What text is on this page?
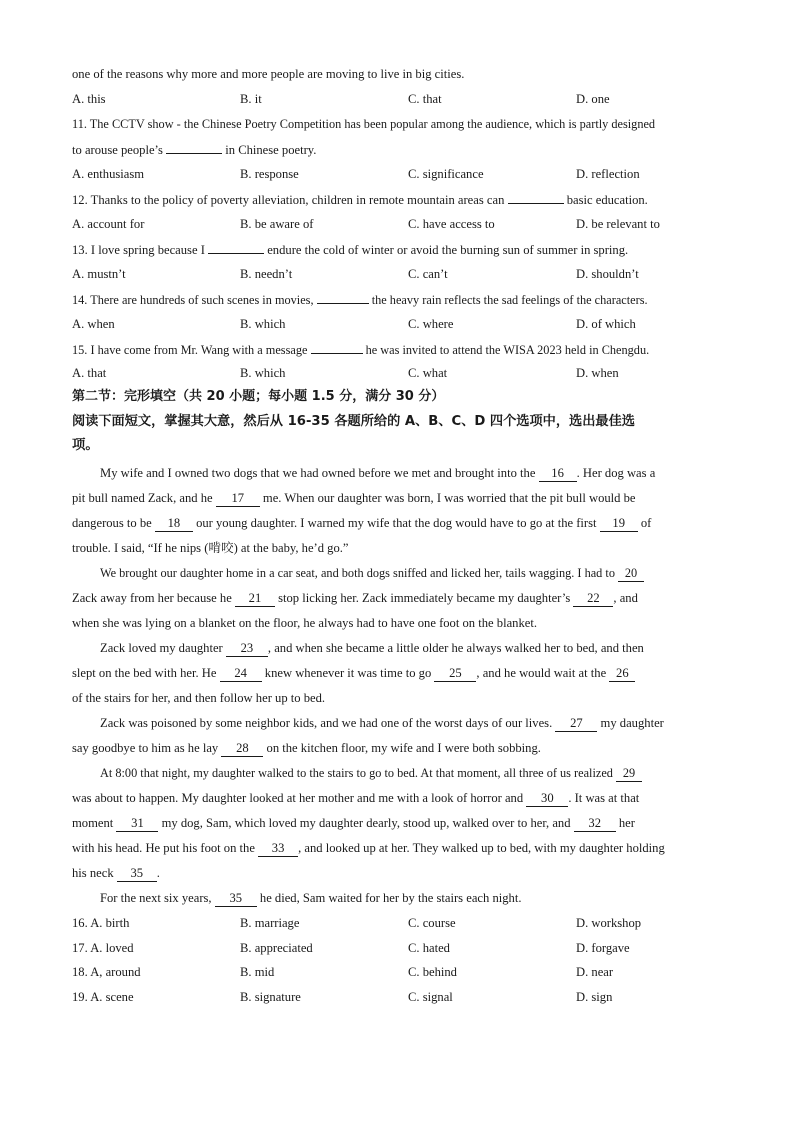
one of the reasons why more and more people are moving to live in big cities.
A. this	B. it	C. that	D. one
11. The CCTV show - the Chinese Poetry Competition has been popular among the audience, which is partly designed
to arouse people’s	in Chinese poetry.
A. enthusiasm	B. response	C. significance	D. reflection
12. Thanks to the policy of poverty alleviation, children in remote mountain areas can	basic education.
A. account for	B. be aware of	C. have access to	D. be relevant to
13. I love spring because I	endure the cold of winter or avoid the burning sun of summer in spring.
A. mustn’t	B. needn’t	C. can’t	D. shouldn’t
14. There are hundreds of such scenes in movies,	the heavy rain reflects the sad feelings of the characters.
A. when	B. which	C. where	D. of which
15. I have come from Mr. Wang with a message	he was invited to attend the WISA 2023 held in Chengdu.
A. that	B. which	C. what	D. when
第二节：完形填空（共 20 小题；每小题 1.5 分，满分 30 分）
阅读下面短文，掌握其大意，然后从 16-35 各题所给的 A、B、C、D 四个选项中，选出最佳选
项。
My wife and I owned two dogs that we had owned before we met and brought into the 16 . Her dog was a
pit bull named Zack, and he 17 me. When our daughter was born, I was worried that the pit bull would be
dangerous to be 18 our young daughter. I warned my wife that the dog would have to go at the first 19 of
trouble. I said, “If he nips (啃咬) at the baby, he’d go.”
We brought our daughter home in a car seat, and both dogs sniffed and licked her, tails wagging. I had to 20
Zack away from her because he 21 stop licking her. Zack immediately became my daughter’s 22 , and
when she was lying on a blanket on the floor, he always had to have one foot on the blanket.
Zack loved my daughter 23 , and when she became a little older he always walked her to bed, and then
slept on the bed with her. He 24 knew whenever it was time to go 25 , and he would wait at the 26
of the stairs for her, and then follow her up to bed.
Zack was poisoned by some neighbor kids, and we had one of the worst days of our lives. 27 my daughter
say goodbye to him as he lay 28 on the kitchen floor, my wife and I were both sobbing.
At 8:00 that night, my daughter walked to the stairs to go to bed. At that moment, all three of us realized 29
was about to happen. My daughter looked at her mother and me with a look of horror and 30 . It was at that
moment 31 my dog, Sam, which loved my daughter dearly, stood up, walked over to her, and 32 her
with his head. He put his foot on the 33 , and looked up at her. They walked up to bed, with my daughter holding
his neck 35 .
For the next six years, 35 he died, Sam waited for her by the stairs each night.
16. A. birth	B. marriage	C. course	D. workshop
17. A. loved	B. appreciated	C. hated	D. forgave
18. A, around	B. mid	C. behind	D. near
19. A. scene	B. signature	C. signal	D. sign
